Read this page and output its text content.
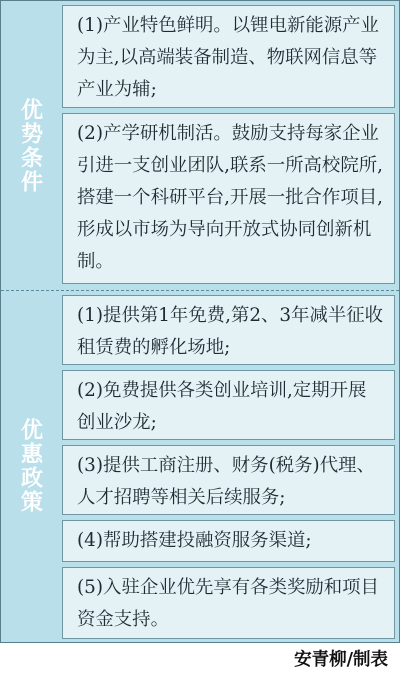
优势条件
优惠政策
(1)产业特色鲜明。以锂电新能源产业为主,以高端装备制造、物联网信息等产业为辅;
(2)产学研机制活。鼓励支持每家企业引进一支创业团队,联系一所高校院所,搭建一个科研平台,开展一批合作项目,形成以市场为导向开放式协同创新机制。
(1)提供第1年免费,第2、3年减半征收租赁费的孵化场地;
(2)免费提供各类创业培训,定期开展创业沙龙;
(3)提供工商注册、财务(税务)代理、人才招聘等相关后续服务;
(4)帮助搭建投融资服务渠道;
(5)入驻企业优先享有各类奖励和项目资金支持。
安青柳/制表
